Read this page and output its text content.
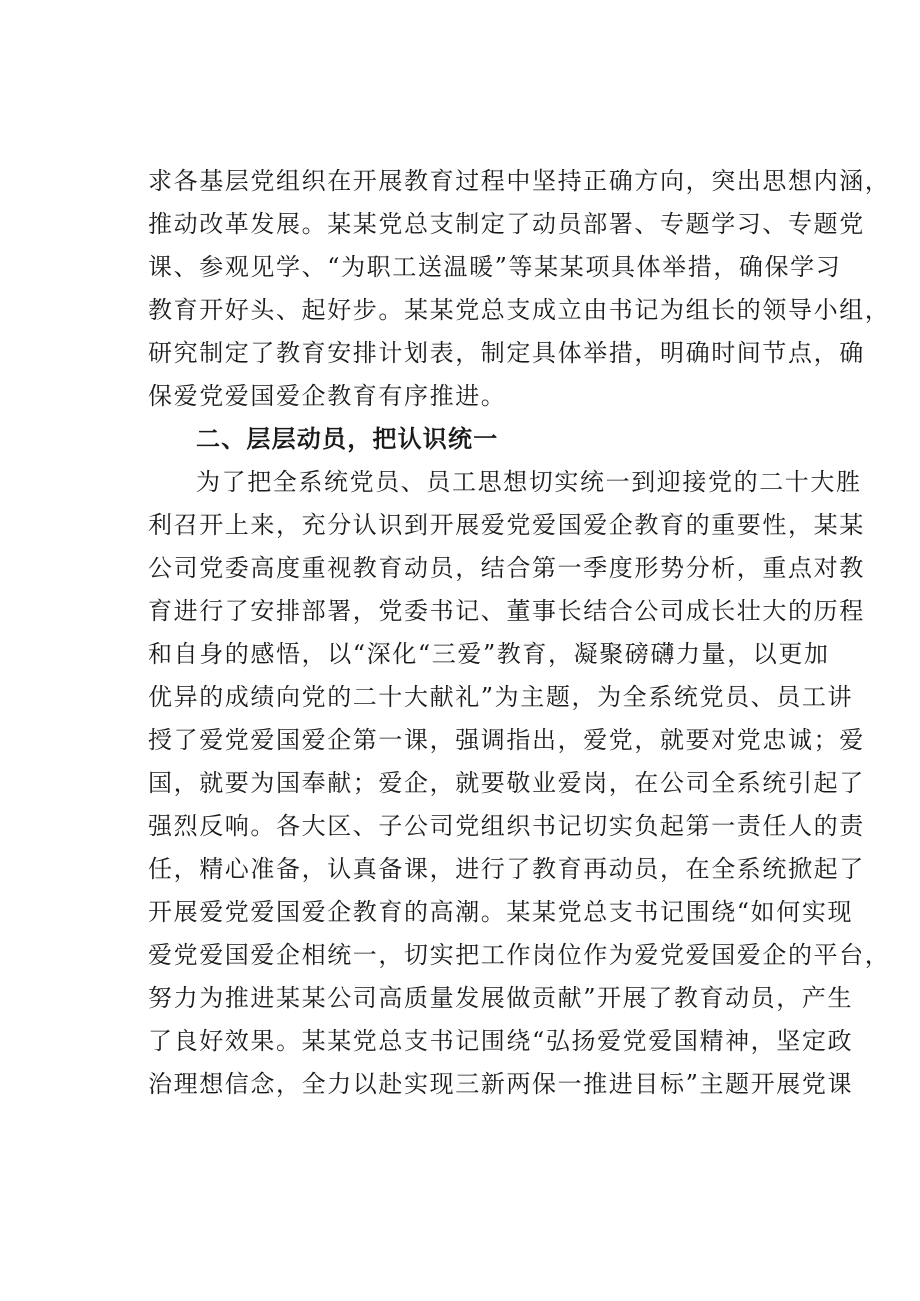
求各基层党组织在开展教育过程中坚持正确方向，突出思想内涵，
推动改革发展。某某党总支制定了动员部署、专题学习、专题党
课、参观见学、“为职工送温暖”等某某项具体举措，确保学习
教育开好头、起好步。某某党总支成立由书记为组长的领导小组，
研究制定了教育安排计划表，制定具体举措，明确时间节点，确
保爱党爱国爱企教育有序推进。
二、层层动员，把认识统一
为了把全系统党员、员工思想切实统一到迎接党的二十大胜
利召开上来，充分认识到开展爱党爱国爱企教育的重要性，某某
公司党委高度重视教育动员，结合第一季度形势分析，重点对教
育进行了安排部署，党委书记、董事长结合公司成长壮大的历程
和自身的感悟，以“深化“三爱”教育，凝聚磅礴力量，以更加
优异的成绩向党的二十大献礼”为主题，为全系统党员、员工讲
授了爱党爱国爱企第一课，强调指出，爱党，就要对党忠诚；爱
国，就要为国奉献；爱企，就要敬业爱岗，在公司全系统引起了
强烈反响。各大区、子公司党组织书记切实负起第一责任人的责
任，精心准备，认真备课，进行了教育再动员，在全系统掀起了
开展爱党爱国爱企教育的高潮。某某党总支书记围绕“如何实现
爱党爱国爱企相统一，切实把工作岗位作为爱党爱国爱企的平台，
努力为推进某某公司高质量发展做贡献”开展了教育动员，产生
了良好效果。某某党总支书记围绕“弘扬爱党爱国精神，坚定政
治理想信念，全力以赴实现三新两保一推进目标”主题开展党课
